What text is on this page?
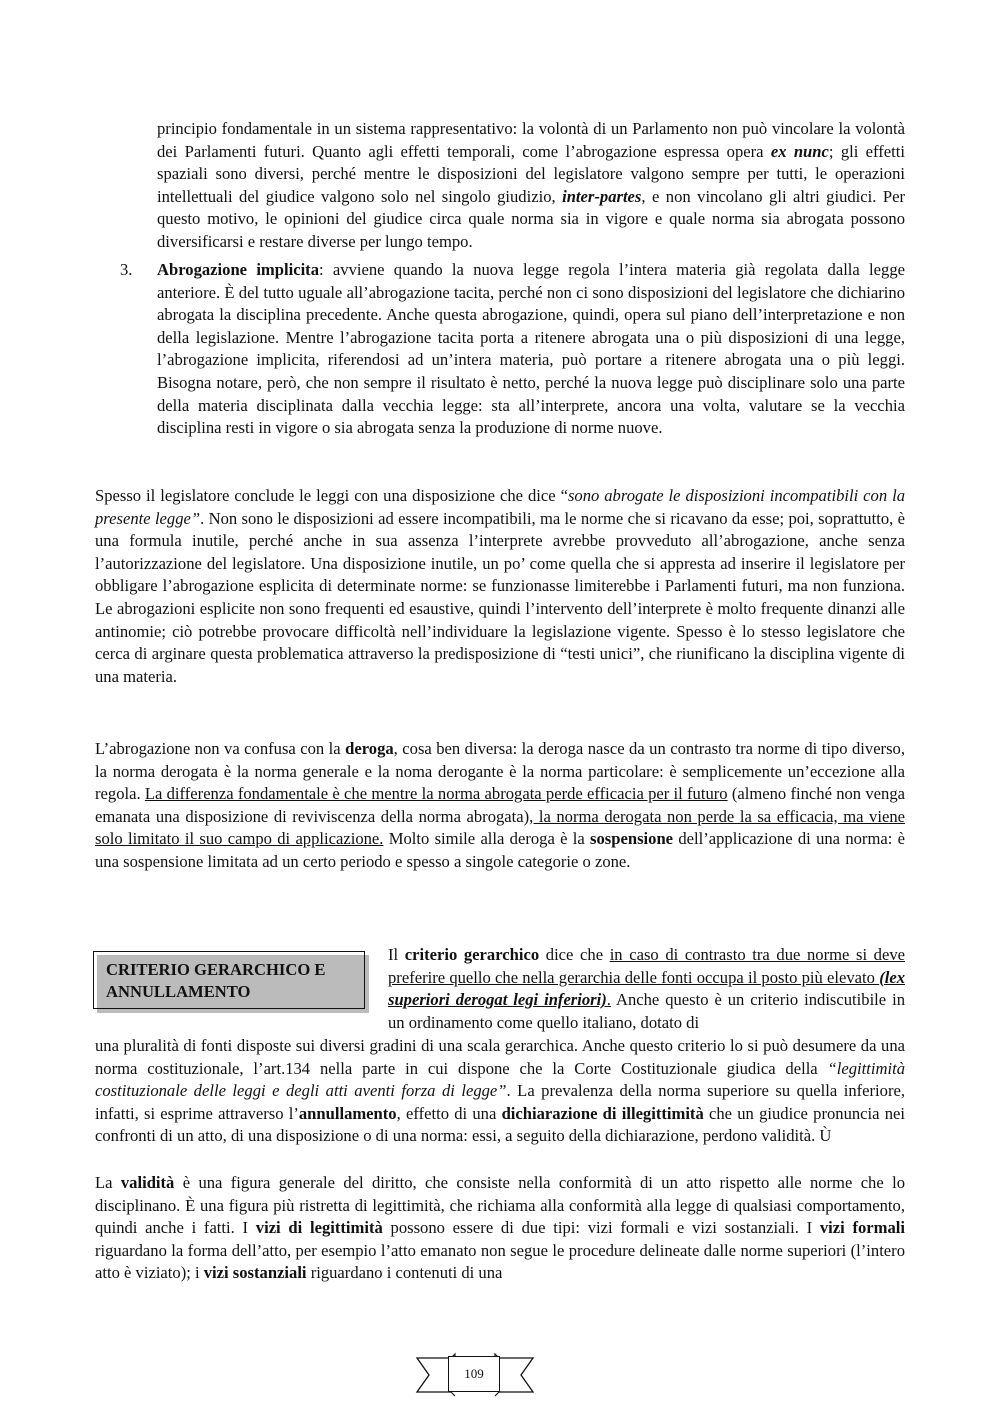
principio fondamentale in un sistema rappresentativo: la volontà di un Parlamento non può vincolare la volontà dei Parlamenti futuri. Quanto agli effetti temporali, come l’abrogazione espressa opera ex nunc; gli effetti spaziali sono diversi, perché mentre le disposizioni del legislatore valgono sempre per tutti, le operazioni intellettuali del giudice valgono solo nel singolo giudizio, inter-partes, e non vincolano gli altri giudici. Per questo motivo, le opinioni del giudice circa quale norma sia in vigore e quale norma sia abrogata possono diversificarsi e restare diverse per lungo tempo.

3. Abrogazione implicita: avviene quando la nuova legge regola l’intera materia già regolata dalla legge anteriore. È del tutto uguale all’abrogazione tacita, perché non ci sono disposizioni del legislatore che dichiarino abrogata la disciplina precedente. Anche questa abrogazione, quindi, opera sul piano dell’interpretazione e non della legislazione. Mentre l’abrogazione tacita porta a ritenere abrogata una o più disposizioni di una legge, l’abrogazione implicita, riferendosi ad un’intera materia, può portare a ritenere abrogata una o più leggi. Bisogna notare, però, che non sempre il risultato è netto, perché la nuova legge può disciplinare solo una parte della materia disciplinata dalla vecchia legge: sta all’interprete, ancora una volta, valutare se la vecchia disciplina resti in vigore o sia abrogata senza la produzione di norme nuove.

Spesso il legislatore conclude le leggi con una disposizione che dice “sono abrogate le disposizioni incompatibili con la presente legge”. Non sono le disposizioni ad essere incompatibili, ma le norme che si ricavano da esse; poi, soprattutto, è una formula inutile, perché anche in sua assenza l’interprete avrebbe provveduto all’abrogazione, anche senza l’autorizzazione del legislatore. Una disposizione inutile, un po’ come quella che si appresta ad inserire il legislatore per obbligare l’abrogazione esplicita di determinate norme: se funzionasse limiterebbe i Parlamenti futuri, ma non funziona. Le abrogazioni esplicite non sono frequenti ed esaustive, quindi l’intervento dell’interprete è molto frequente dinanzi alle antinomie; ciò potrebbe provocare difficoltà nell’individuare la legislazione vigente. Spesso è lo stesso legislatore che cerca di arginare questa problematica attraverso la predisposizione di “testi unici”, che riunificano la disciplina vigente di una materia.

L’abrogazione non va confusa con la deroga, cosa ben diversa: la deroga nasce da un contrasto tra norme di tipo diverso, la norma derogata è la norma generale e la noma derogante è la norma particolare: è semplicemente un’eccezione alla regola. La differenza fondamentale è che mentre la norma abrogata perde efficacia per il futuro (almeno finché non venga emanata una disposizione di reviviscenza della norma abrogata), la norma derogata non perde la sa efficacia, ma viene solo limitato il suo campo di applicazione. Molto simile alla deroga è la sospensione dell’applicazione di una norma: è una sospensione limitata ad un certo periodo e spesso a singole categorie o zone.

CRITERIO GERARCHICO E
ANNULLAMENTO

Il criterio gerarchico dice che in caso di contrasto tra due norme si deve preferire quello che nella gerarchia delle fonti occupa il posto più elevato (lex superiori derogat legi inferiori). Anche questo è un criterio indiscutibile in un ordinamento come quello italiano, dotato di

una pluralità di fonti disposte sui diversi gradini di una scala gerarchica. Anche questo criterio lo si può desumere da una norma costituzionale, l’art.134 nella parte in cui dispone che la Corte Costituzionale giudica della “legittimità costituzionale delle leggi e degli atti aventi forza di legge”. La prevalenza della norma superiore su quella inferiore, infatti, si esprime attraverso l’annullamento, effetto di una dichiarazione di illegittimità che un giudice pronuncia nei confronti di un atto, di una disposizione o di una norma: essi, a seguito della dichiarazione, perdono validità. Ù

La validità è una figura generale del diritto, che consiste nella conformità di un atto rispetto alle norme che lo disciplinano. È una figura più ristretta di legittimità, che richiama alla conformità alla legge di qualsiasi comportamento, quindi anche i fatti. I vizi di legittimità possono essere di due tipi: vizi formali e vizi sostanziali. I vizi formali riguardano la forma dell’atto, per esempio l’atto emanato non segue le procedure delineate dalle norme superiori (l’intero atto è viziato); i vizi sostanziali riguardano i contenuti di una

109
